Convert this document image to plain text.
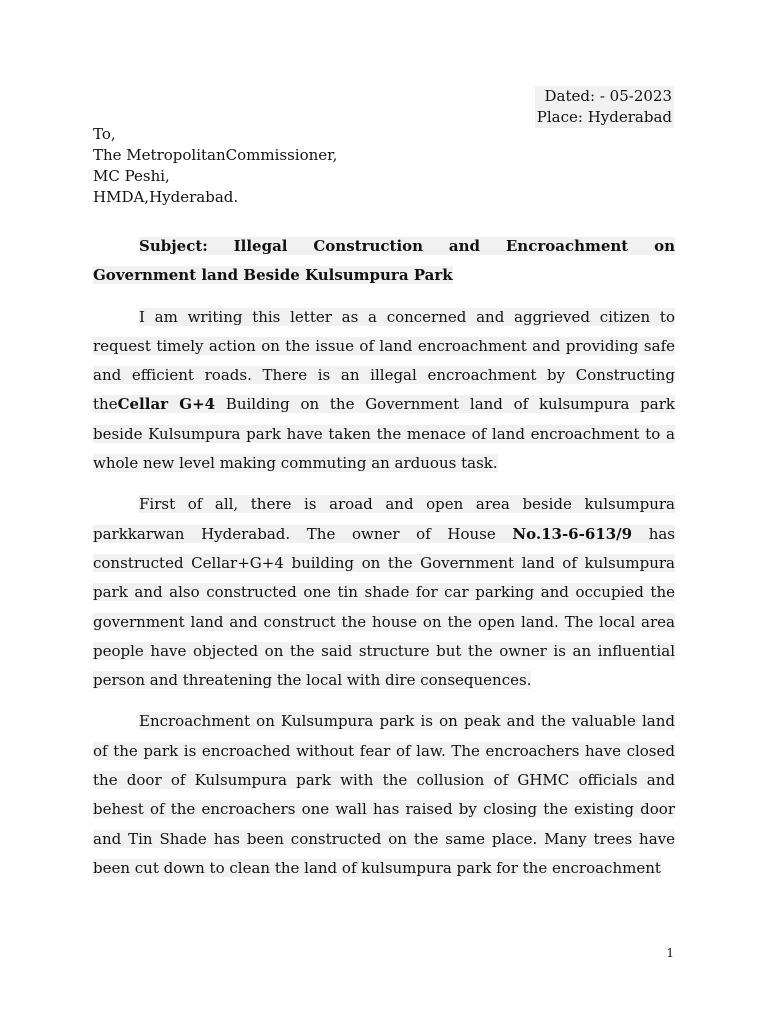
Dated: - 05-2023
Place: Hyderabad
To,
The MetropolitanCommissioner,
MC Peshi,
HMDA,Hyderabad.

Subject: Illegal Construction and Encroachment on Government land Beside Kulsumpura Park

I am writing this letter as a concerned and aggrieved citizen to request timely action on the issue of land encroachment and providing safe and efficient roads. There is an illegal encroachment by Constructing theCellar G+4 Building on the Government land of kulsumpura park beside Kulsumpura park have taken the menace of land encroachment to a whole new level making commuting an arduous task.

First of all, there is aroad and open area beside kulsumpura parkkarwan Hyderabad. The owner of House No.13-6-613/9 has constructed Cellar+G+4 building on the Government land of kulsumpura park and also constructed one tin shade for car parking and occupied the government land and construct the house on the open land. The local area people have objected on the said structure but the owner is an influential person and threatening the local with dire consequences.

Encroachment on Kulsumpura park is on peak and the valuable land of the park is encroached without fear of law. The encroachers have closed the door of Kulsumpura park with the collusion of GHMC officials and behest of the encroachers one wall has raised by closing the existing door and Tin Shade has been constructed on the same place. Many trees have been cut down to clean the land of kulsumpura park for the encroachment

1
